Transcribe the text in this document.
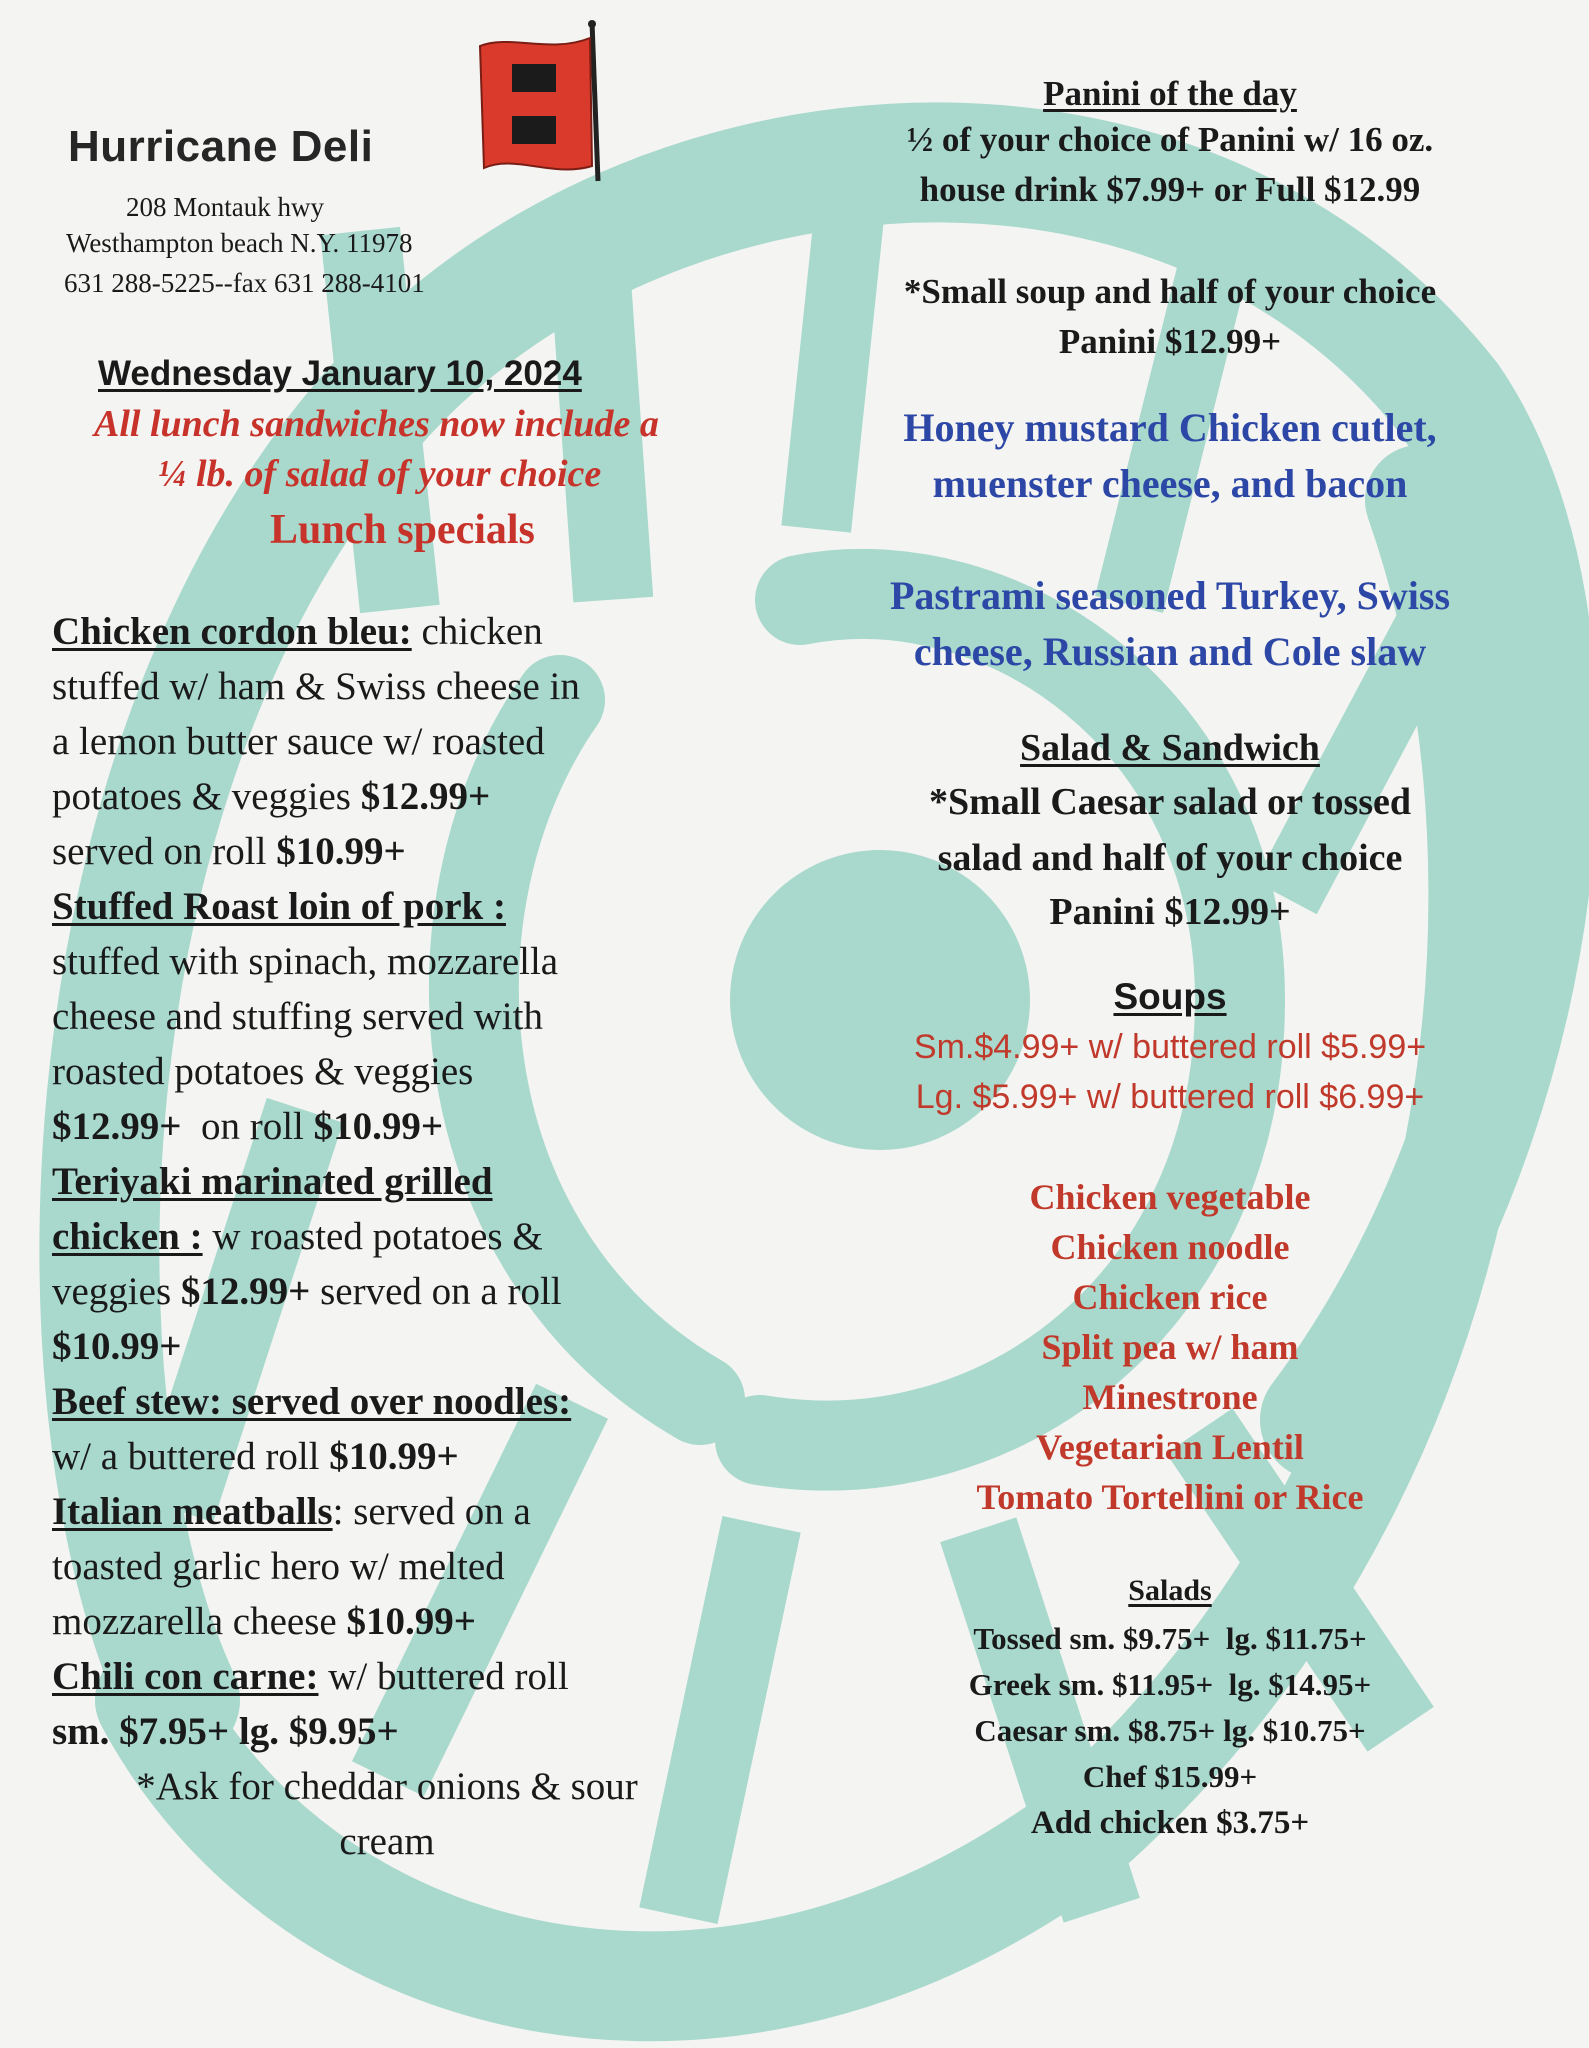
Hurricane Deli
208 Montauk hwy
Westhampton beach N.Y. 11978
631 288-5225--fax 631 288-4101
Wednesday January 10, 2024
All lunch sandwiches now include a
¼ lb. of salad of your choice
Lunch specials

Chicken cordon bleu: chicken

stuffed w/ ham & Swiss cheese in

a lemon butter sauce w/ roasted

potatoes & veggies $12.99+

served on roll $10.99+

Stuffed Roast loin of pork :

stuffed with spinach, mozzarella

cheese and stuffing served with

roasted potatoes & veggies

$12.99+  on roll $10.99+

Teriyaki marinated grilled

chicken : w roasted potatoes &

veggies $12.99+ served on a roll

$10.99+

Beef stew: served over noodles:

w/ a buttered roll $10.99+

Italian meatballs: served on a

toasted garlic hero w/ melted

mozzarella cheese $10.99+

Chili con carne: w/ buttered roll

sm. $7.95+ lg. $9.95+

*Ask for cheddar onions & sour

cream

Panini of the day
½ of your choice of Panini w/ 16 oz.
house drink $7.99+ or Full $12.99
*Small soup and half of your choice
Panini $12.99+
Honey mustard Chicken cutlet,
muenster cheese, and bacon
Pastrami seasoned Turkey, Swiss
cheese, Russian and Cole slaw
Salad & Sandwich
*Small Caesar salad or tossed
salad and half of your choice
Panini $12.99+
Soups
Sm.$4.99+ w/ buttered roll $5.99+
Lg. $5.99+ w/ buttered roll $6.99+
Chicken vegetable
Chicken noodle
Chicken rice
Split pea w/ ham
Minestrone
Vegetarian Lentil
Tomato Tortellini or Rice
Salads
Tossed sm. $9.75+  lg. $11.75+
Greek sm. $11.95+  lg. $14.95+
Caesar sm. $8.75+ lg. $10.75+
Chef $15.99+
Add chicken $3.75+
